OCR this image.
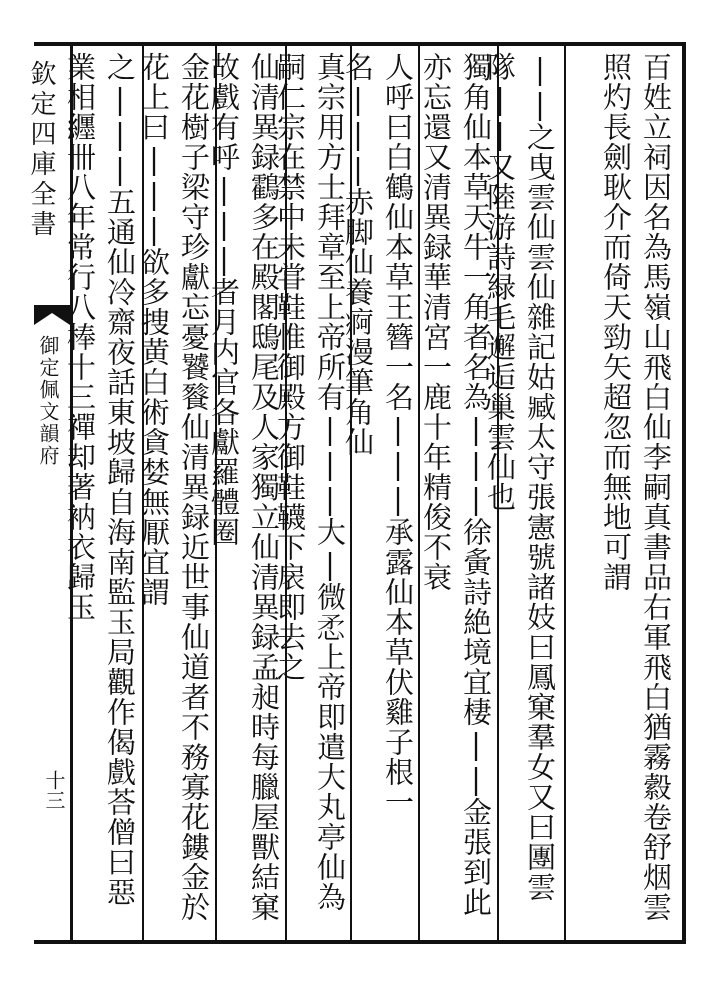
欽定四庫全書
御定佩文韻府
十三	百姓立祠因名為馬嶺山飛白仙李嗣真書品右軍飛白猶霧縠卷舒烟雲照灼長劍耿介而倚天勁矢超忽而無地可謂
||之曳雲仙雲仙雜記姑臧太守張憲號諸妓曰鳳窠羣女又曰團雲隊||又陸游詩緑毛邂逅巢雲仙也
獨角仙本草天牛一角者名為|||徐夤詩絶境宜棲||金張到此亦忘還又清異録華清宮一鹿十年精俊不衰
人呼曰白鶴仙本草王簪一名|||承露仙本草伏雞子根一名|||赤脚仙養痾漫筆角仙
真宗用方士拜章至上帝所有|||大|微𢘅上帝即遣大丸亭仙為嗣仁宗在禁中未甞鞋惟御殿方御鞋韈下扆即去之
仙清異録鸖多在殿閣鴟尾及人家獨立仙清異録孟昶時每臘屋獸結窠故戲有呼|||者月内官各獻羅體圈
金花樹子梁守珍獻忘憂饕餮仙清異録近世事仙道者不務寡花鏤金於花上曰|||欲多捜黄白術貪婪無厭宜謂
之|||五通仙冷齋夜話東坡歸自海南監玉局觀作偈戲荅僧曰惡業相纒卌八年常行八棒十三禪却著衲衣歸玉
